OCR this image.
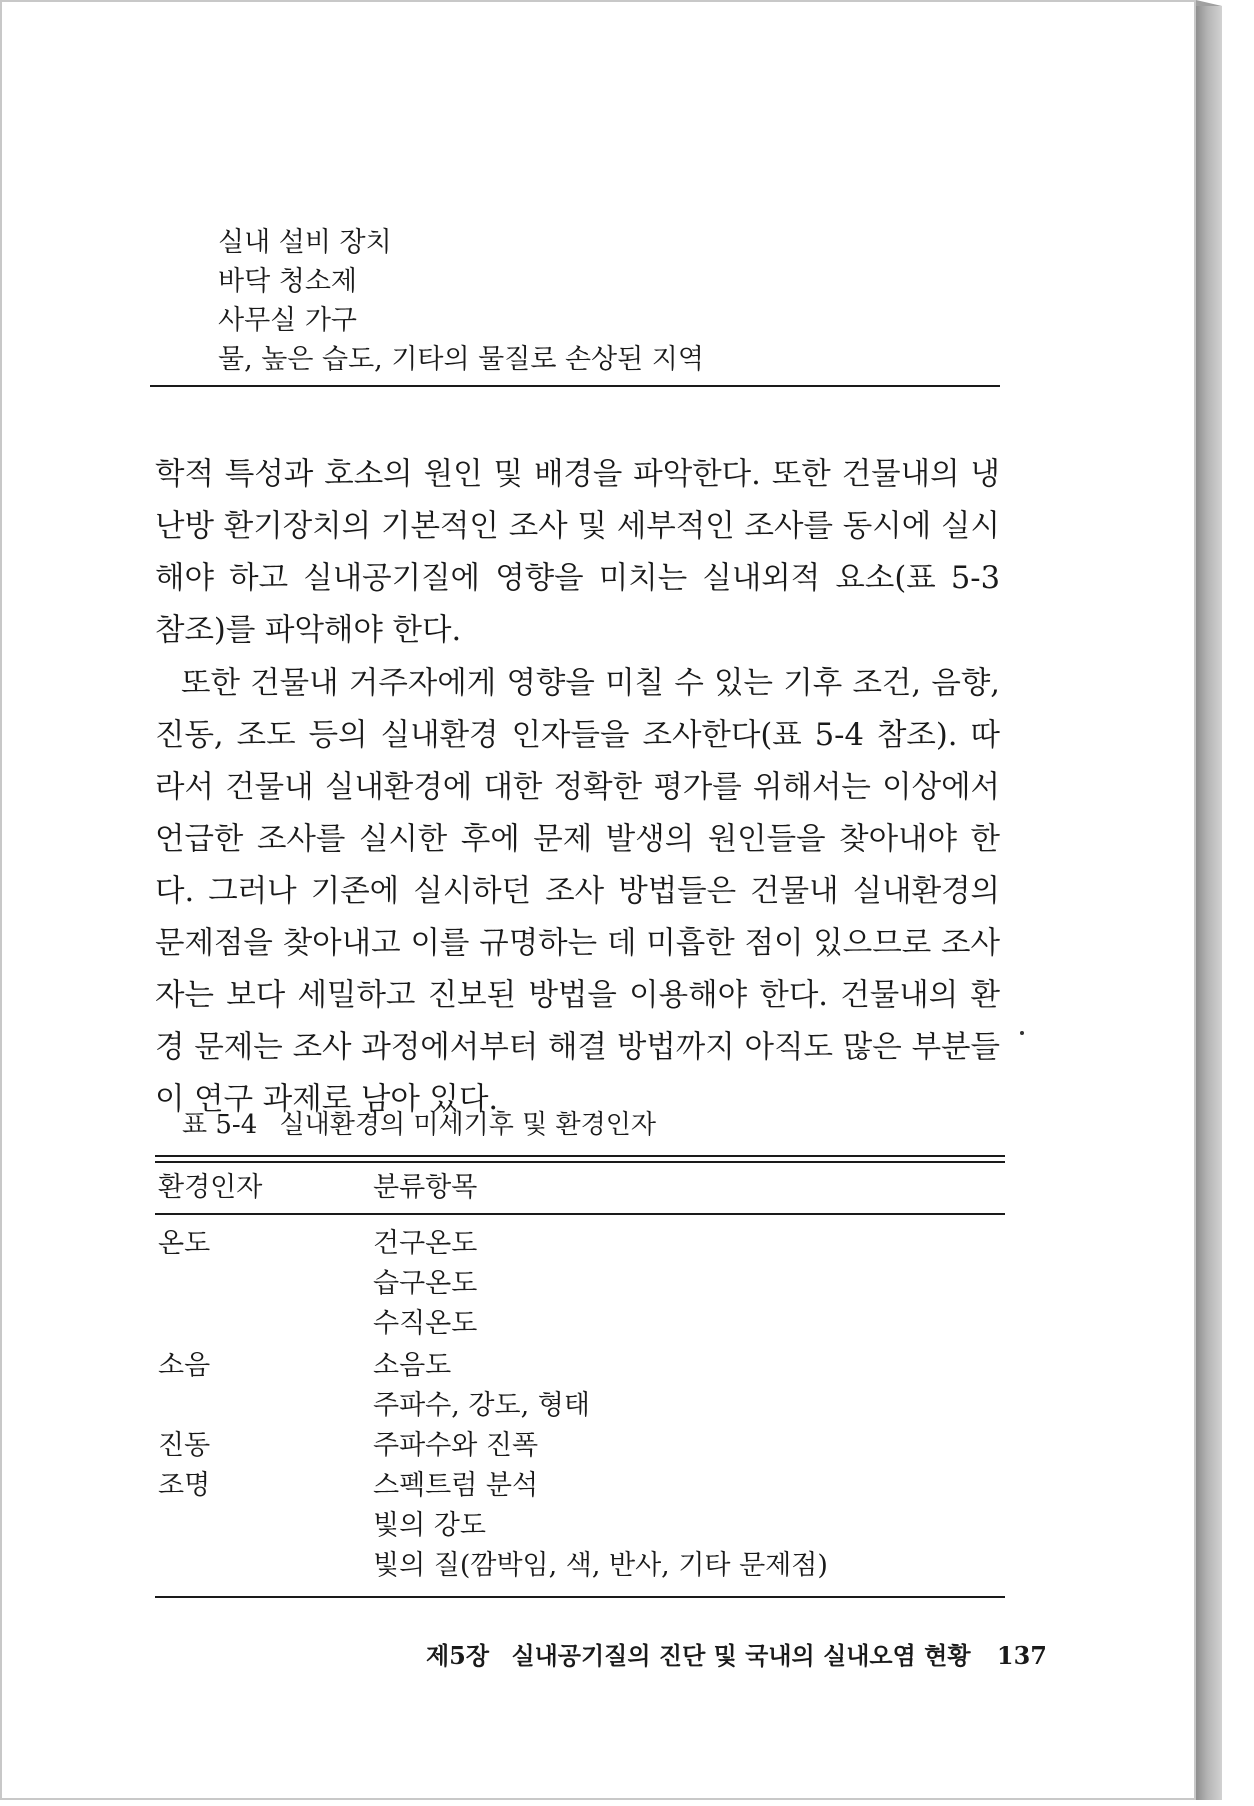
실내 설비 장치
바닥 청소제
사무실 가구
물, 높은 습도, 기타의 물질로 손상된 지역

학적 특성과 호소의 원인 및 배경을 파악한다. 또한 건물내의 냉난방 환기장치의 기본적인 조사 및 세부적인 조사를 동시에 실시해야 하고 실내공기질에 영향을 미치는 실내외적 요소(표 5-3 참조)를 파악해야 한다.

또한 건물내 거주자에게 영향을 미칠 수 있는 기후 조건, 음향, 진동, 조도 등의 실내환경 인자들을 조사한다(표 5-4 참조). 따라서 건물내 실내환경에 대한 정확한 평가를 위해서는 이상에서 언급한 조사를 실시한 후에 문제 발생의 원인들을 찾아내야 한다. 그러나 기존에 실시하던 조사 방법들은 건물내 실내환경의 문제점을 찾아내고 이를 규명하는 데 미흡한 점이 있으므로 조사자는 보다 세밀하고 진보된 방법을 이용해야 한다. 건물내의 환경 문제는 조사 과정에서부터 해결 방법까지 아직도 많은 부분들이 연구 과제로 남아 있다.

표 5-4 실내환경의 미세기후 및 환경인자
환경인자	분류항목
온도	건구온도
습구온도
수직온도
소음	소음도
주파수, 강도, 형태
진동	주파수와 진폭
조명	스펙트럼 분석
빛의 강도
빛의 질(깜박임, 색, 반사, 기타 문제점)
제5장 실내공기질의 진단 및 국내의 실내오염 현황 137
